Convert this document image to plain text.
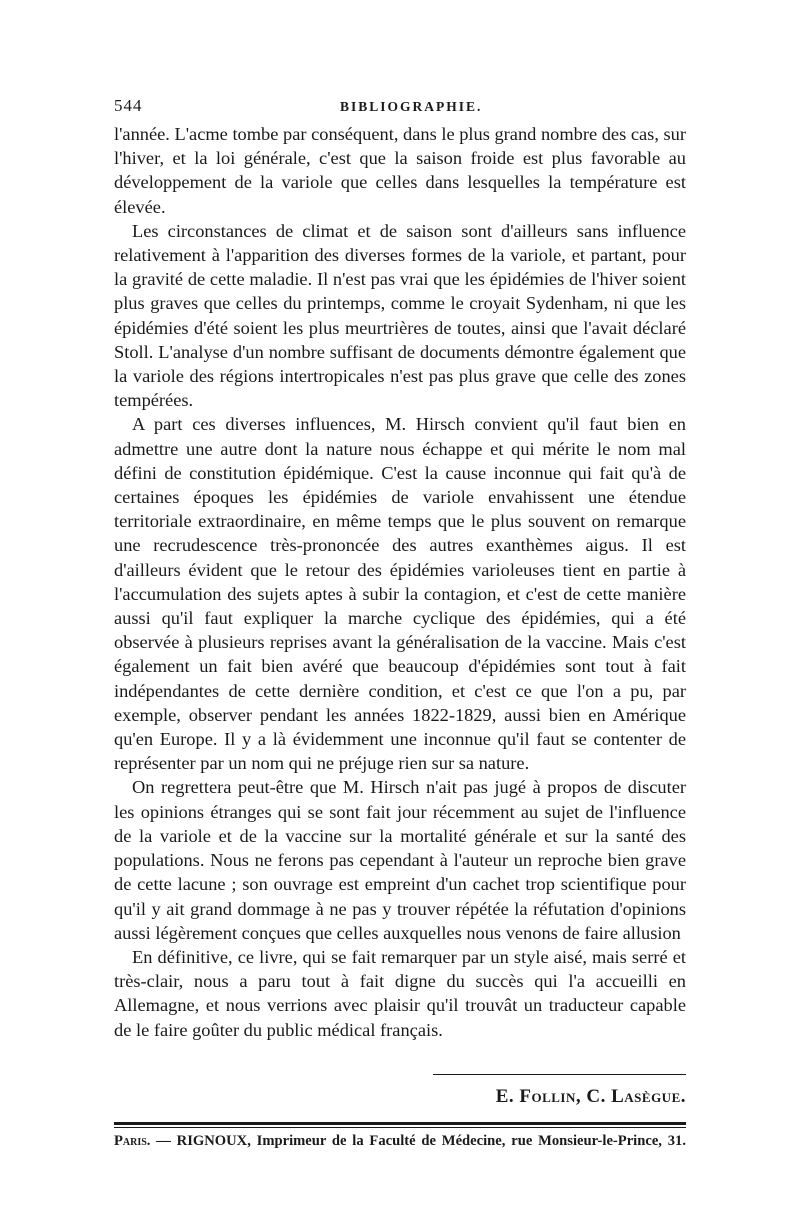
544	BIBLIOGRAPHIE.

l'année. L'acme tombe par conséquent, dans le plus grand nombre des cas, sur l'hiver, et la loi générale, c'est que la saison froide est plus favorable au développement de la variole que celles dans lesquelles la température est élevée.

Les circonstances de climat et de saison sont d'ailleurs sans influence relativement à l'apparition des diverses formes de la variole, et partant, pour la gravité de cette maladie. Il n'est pas vrai que les épidémies de l'hiver soient plus graves que celles du printemps, comme le croyait Sydenham, ni que les épidémies d'été soient les plus meurtrières de toutes, ainsi que l'avait déclaré Stoll. L'analyse d'un nombre suffisant de documents démontre également que la variole des régions intertropicales n'est pas plus grave que celle des zones tempérées.

A part ces diverses influences, M. Hirsch convient qu'il faut bien en admettre une autre dont la nature nous échappe et qui mérite le nom mal défini de constitution épidémique. C'est la cause inconnue qui fait qu'à de certaines époques les épidémies de variole envahissent une étendue territoriale extraordinaire, en même temps que le plus souvent on remarque une recrudescence très-prononcée des autres exanthèmes aigus. Il est d'ailleurs évident que le retour des épidémies varioleuses tient en partie à l'accumulation des sujets aptes à subir la contagion, et c'est de cette manière aussi qu'il faut expliquer la marche cyclique des épidémies, qui a été observée à plusieurs reprises avant la généralisation de la vaccine. Mais c'est également un fait bien avéré que beaucoup d'épidémies sont tout à fait indépendantes de cette dernière condition, et c'est ce que l'on a pu, par exemple, observer pendant les années 1822-1829, aussi bien en Amérique qu'en Europe. Il y a là évidemment une inconnue qu'il faut se contenter de représenter par un nom qui ne préjuge rien sur sa nature.

On regrettera peut-être que M. Hirsch n'ait pas jugé à propos de discuter les opinions étranges qui se sont fait jour récemment au sujet de l'influence de la variole et de la vaccine sur la mortalité générale et sur la santé des populations. Nous ne ferons pas cependant à l'auteur un reproche bien grave de cette lacune ; son ouvrage est empreint d'un cachet trop scientifique pour qu'il y ait grand dommage à ne pas y trouver répétée la réfutation d'opinions aussi légèrement conçues que celles auxquelles nous venons de faire allusion

En définitive, ce livre, qui se fait remarquer par un style aisé, mais serré et très-clair, nous a paru tout à fait digne du succès qui l'a accueilli en Allemagne, et nous verrions avec plaisir qu'il trouvât un traducteur capable de le faire goûter du public médical français.

E. Follin, C. Lasègue.
Paris. — RIGNOUX, Imprimeur de la Faculté de Médecine, rue Monsieur-le-Prince, 31.
